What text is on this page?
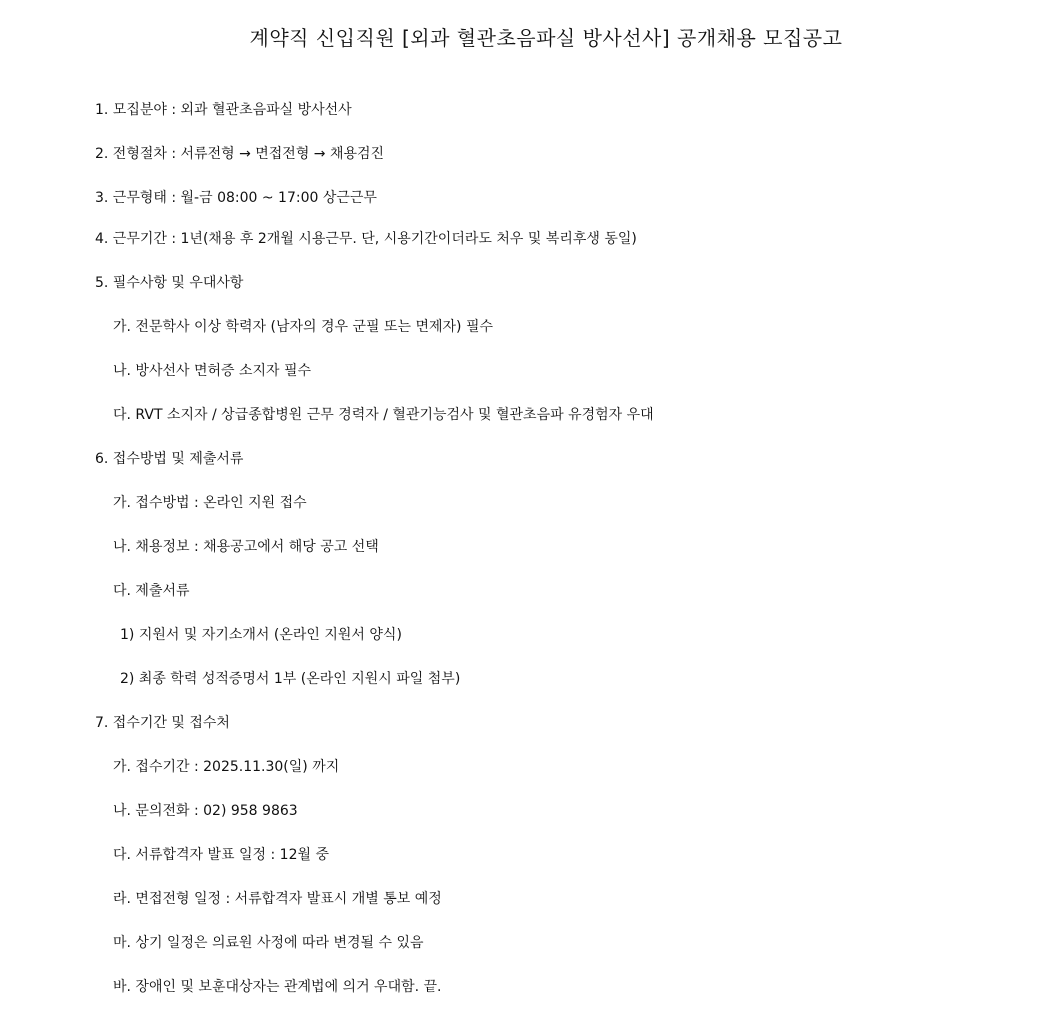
계약직 신입직원 [외과 혈관초음파실 방사선사] 공개채용 모집공고
1. 모집분야 : 외과 혈관초음파실 방사선사
2. 전형절차 : 서류전형 → 면접전형 → 채용검진
3. 근무형태 : 월-금 08:00 ~ 17:00 상근근무
4. 근무기간 : 1년(채용 후 2개월 시용근무. 단, 시용기간이더라도 처우 및 복리후생 동일)
5. 필수사항 및 우대사항
가. 전문학사 이상 학력자 (남자의 경우 군필 또는 면제자) 필수
나. 방사선사 면허증 소지자 필수
다. RVT 소지자 / 상급종합병원 근무 경력자 / 혈관기능검사 및 혈관초음파 유경험자 우대
6. 접수방법 및 제출서류
가. 접수방법 : 온라인 지원 접수
나. 채용정보 : 채용공고에서 해당 공고 선택
다. 제출서류
1) 지원서 및 자기소개서 (온라인 지원서 양식)
2) 최종 학력 성적증명서 1부 (온라인 지원시 파일 첨부)
7. 접수기간 및 접수처
가. 접수기간 : 2025.11.30(일) 까지
나. 문의전화 : 02) 958 9863
다. 서류합격자 발표 일정 : 12월 중
라. 면접전형 일정 : 서류합격자 발표시 개별 통보 예정
마. 상기 일정은 의료원 사정에 따라 변경될 수 있음
바. 장애인 및 보훈대상자는 관계법에 의거 우대함. 끝.
